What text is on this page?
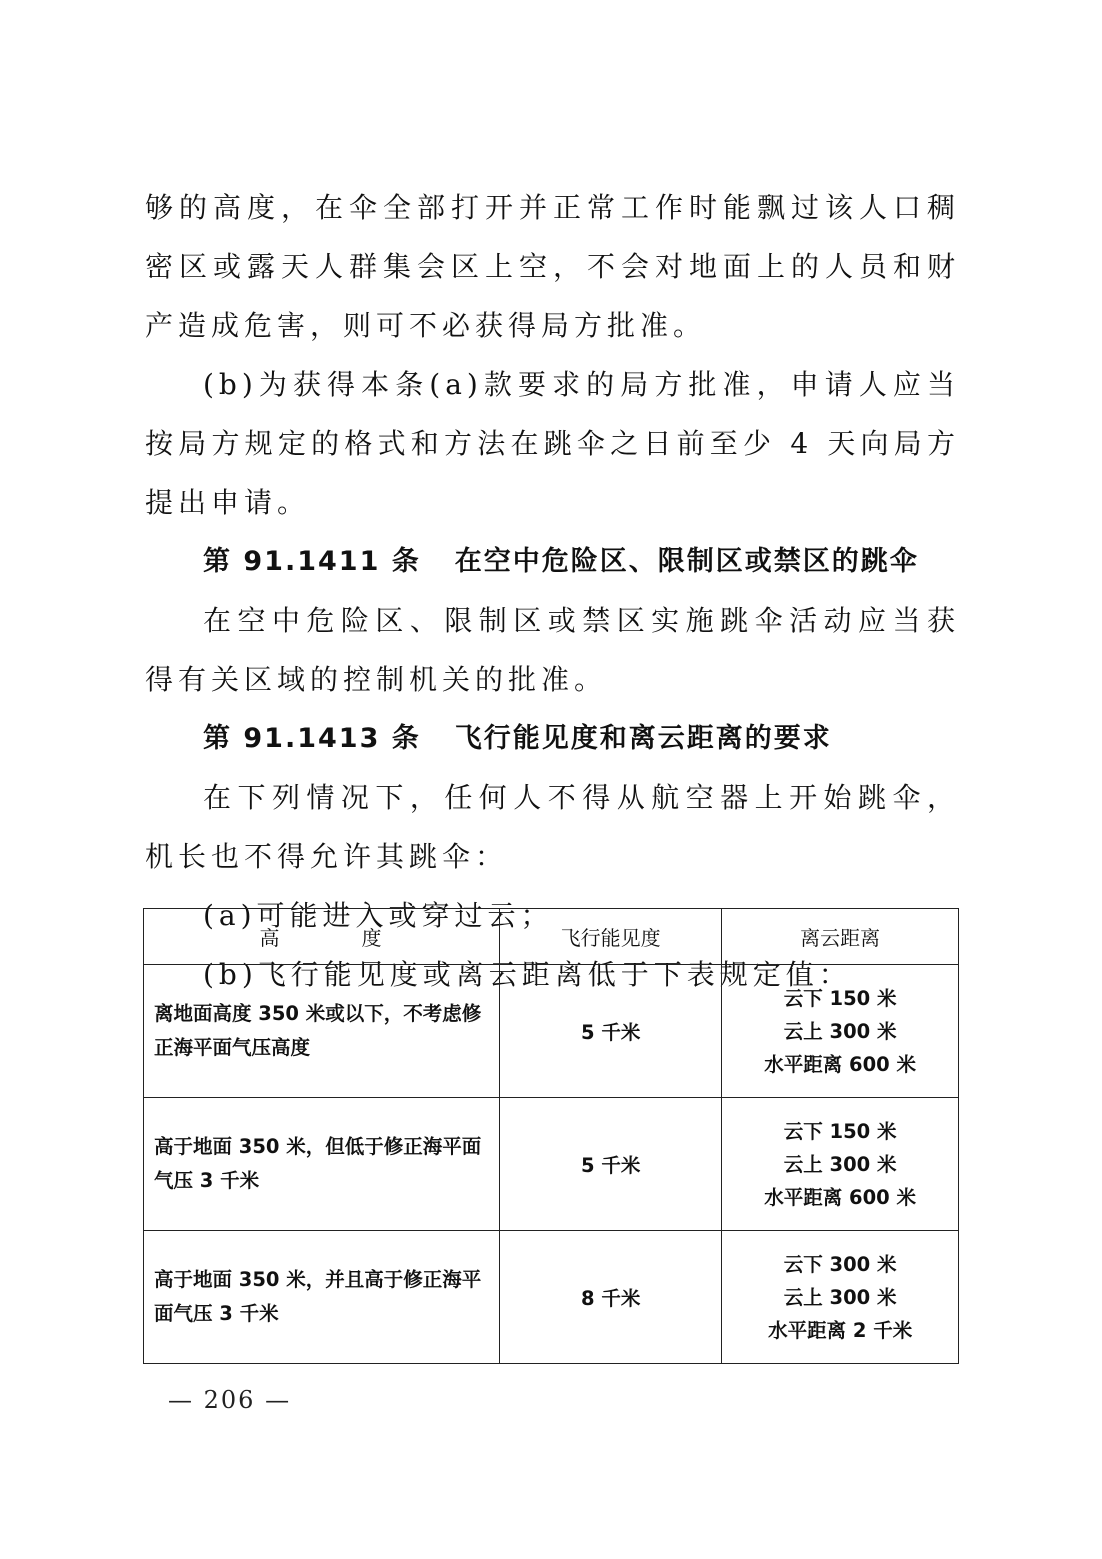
够的高度，在伞全部打开并正常工作时能飘过该人口稠密区或露天人群集会区上空，不会对地面上的人员和财产造成危害，则可不必获得局方批准。

(b)为获得本条(a)款要求的局方批准，申请人应当按局方规定的格式和方法在跳伞之日前至少 4 天向局方提出申请。

第 91.1411 条 在空中危险区、限制区或禁区的跳伞

在空中危险区、限制区或禁区实施跳伞活动应当获得有关区域的控制机关的批准。

第 91.1413 条 飞行能见度和离云距离的要求

在下列情况下，任何人不得从航空器上开始跳伞，机长也不得允许其跳伞：

(a)可能进入或穿过云；

(b)飞行能见度或离云距离低于下表规定值：

高 度	飞行能见度	离云距离
离地面高度 350 米或以下，不考虑修正海平面气压高度	5 千米	云下 150 米
云上 300 米
水平距离 600 米

高于地面 350 米，但低于修正海平面气压 3 千米	5 千米	云下 150 米
云上 300 米
水平距离 600 米

高于地面 350 米，并且高于修正海平面气压 3 千米	8 千米	云下 300 米
云上 300 米
水平距离 2 千米
— 206 —
